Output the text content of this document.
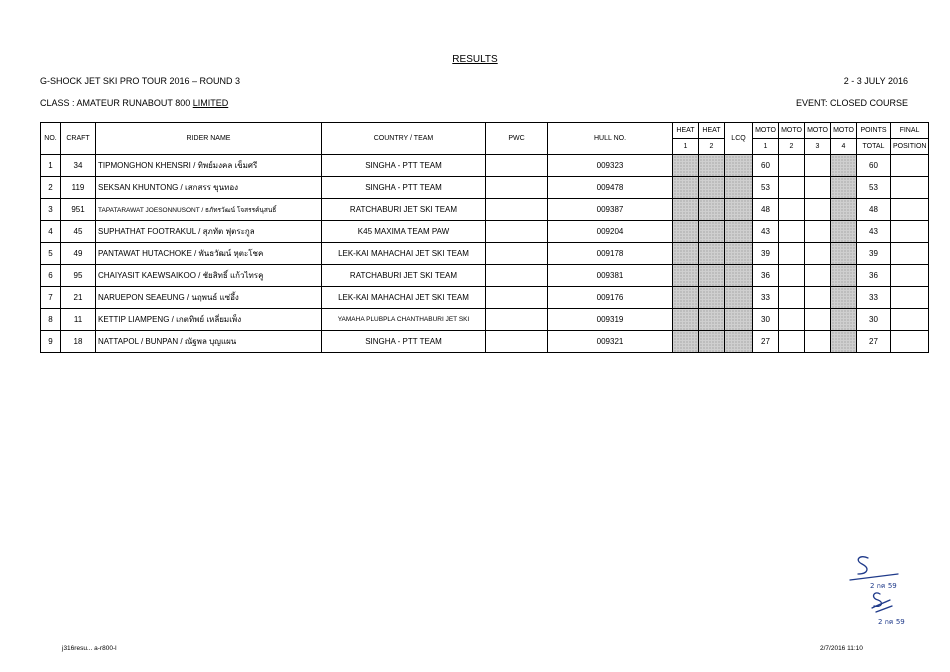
RESULTS
G-SHOCK JET SKI PRO TOUR 2016 – ROUND 3	2 - 3 JULY 2016
CLASS : AMATEUR RUNABOUT 800 LIMITED	EVENT: CLOSED COURSE
NO.	CRAFT	RIDER NAME	COUNTRY / TEAM	PWC	HULL NO.	HEAT	HEAT	LCQ	MOTO	MOTO	MOTO	MOTO	POINTS	FINAL
						1	2		1	2	3	4	TOTAL	POSITION
1	34	TIPMONGHON KHENSRI / ทิพย์มงคล เข็มศรี	SINGHA - PTT TEAM		009323				60				60	
2	119	SEKSAN KHUNTONG / เสกสรร ขุนทอง	SINGHA - PTT TEAM		009478				53				53	
3	951	TAPATARAWAT JOESONNUSONT / ธภัทรวัฒน์ โจสรรค์นุสนธิ์	RATCHABURI JET SKI TEAM		009387				48				48	
4	45	SUPHATHAT FOOTRAKUL / สุภทัต ฟุตระกูล	K45 MAXIMA TEAM PAW		009204				43				43	
5	49	PANTAWAT HUTACHOKE / พันธวัฒน์ หุตะโชค	LEK-KAI MAHACHAI JET SKI TEAM		009178				39				39	
6	95	CHAIYASIT KAEWSAIKOO / ชัยสิทธิ์ แก้วไทรคู	RATCHABURI JET SKI TEAM		009381				36				36	
7	21	NARUEPON SEAEUNG / นฤพนธ์ แซ่อึ้ง	LEK-KAI MAHACHAI JET SKI TEAM		009176				33				33	
8	11	KETTIP LIAMPENG / เกตทิพย์ เหลี่ยมเพ็ง	YAMAHA PLUBPLA CHANTHABURI JET SKI		009319				30				30	
9	18	NATTAPOL / BUNPAN / ณัฐพล บุญแผน	SINGHA - PTT TEAM		009321				27				27	
2 กค 59
2 กค 59
j316resu... a-r800-l	2/7/2016 11:10
